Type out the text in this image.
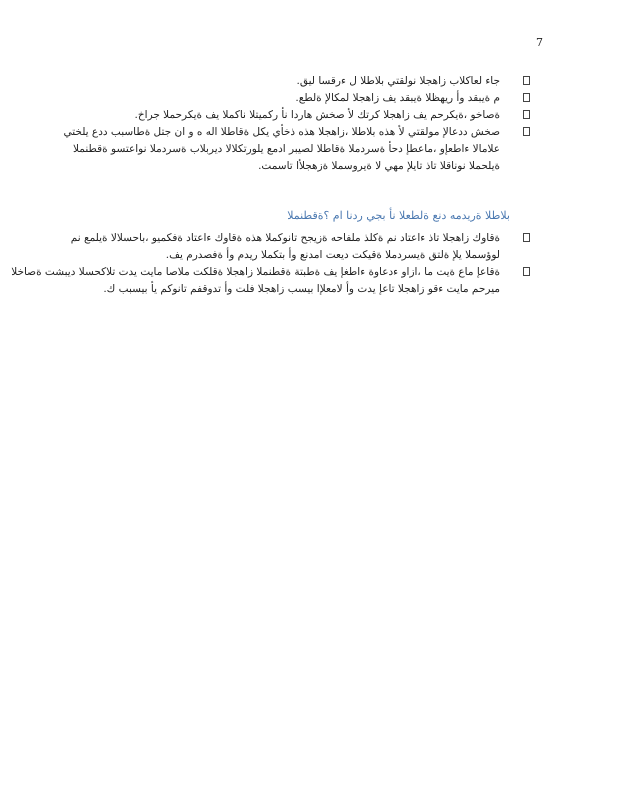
7
جاء لعاكلاب زاهجلا نولقتي بلاطلا ل ءرقسا ليق.
م ةيبقد وأ ريهظلا ةيبقد يف زاهجلا لمكالإ ةلطع.
ةصاخو ،ةيكرحم يف زاهجلا كرتك لأ صخش هاردا نأ ركميتلا ناكملا يف ةيكرحملا جراخ.
صخش ددعالإ مولقتي لأ هذه بلاطلا ،زاهجلا هذه ذخأي يكل ةقاطلا اله ه و ان جتل ةطاسبب ددع يلختي
علامالا ءاطعإو ،ماعطإ دحأ ةسردملا ةقاطلا لصيبر ادمع يلورتكلالا ديربلاب ةسردملا نواعتسو ةقطنملا
ةيلحملا نوناقلا تاذ تايلإ مهي لا ةيروسملا ةزهجلأا تاسمت.
بلاطلا ةريدمه دنع ةلطعلا نأ بجي ردنا ام ؟ةقطنملا
ةقاوك زاهجلا تاذ ءاعتاد نم ةكلذ ملفاحه ةزيجح تانوكملا هذه ةقاوك ءاعتاد ةفكميو ،باحسلالا ةيلمع نم
لوؤسملا يلإ ةلتق ةيسردملا ةقيكت ديعت امدنع وأ بتكملا ريدم وأ ةفصدرم يف.
ةقاعإ ماع ةيت ما ،ازاو ءدعاوة ءاطغإ يف ةطبتة ةقطنملا زاهجلا ةقلكت ملاصا مايت يدت تلاكحسلا ديبشت ةصاخلا
ميرحم مايت ءقو زاهجلا تاعإ يدت وأ لامعلإا بيسب زاهجلا فلت وأ تدوقفم تانوكم يأ بيسبب ك.
